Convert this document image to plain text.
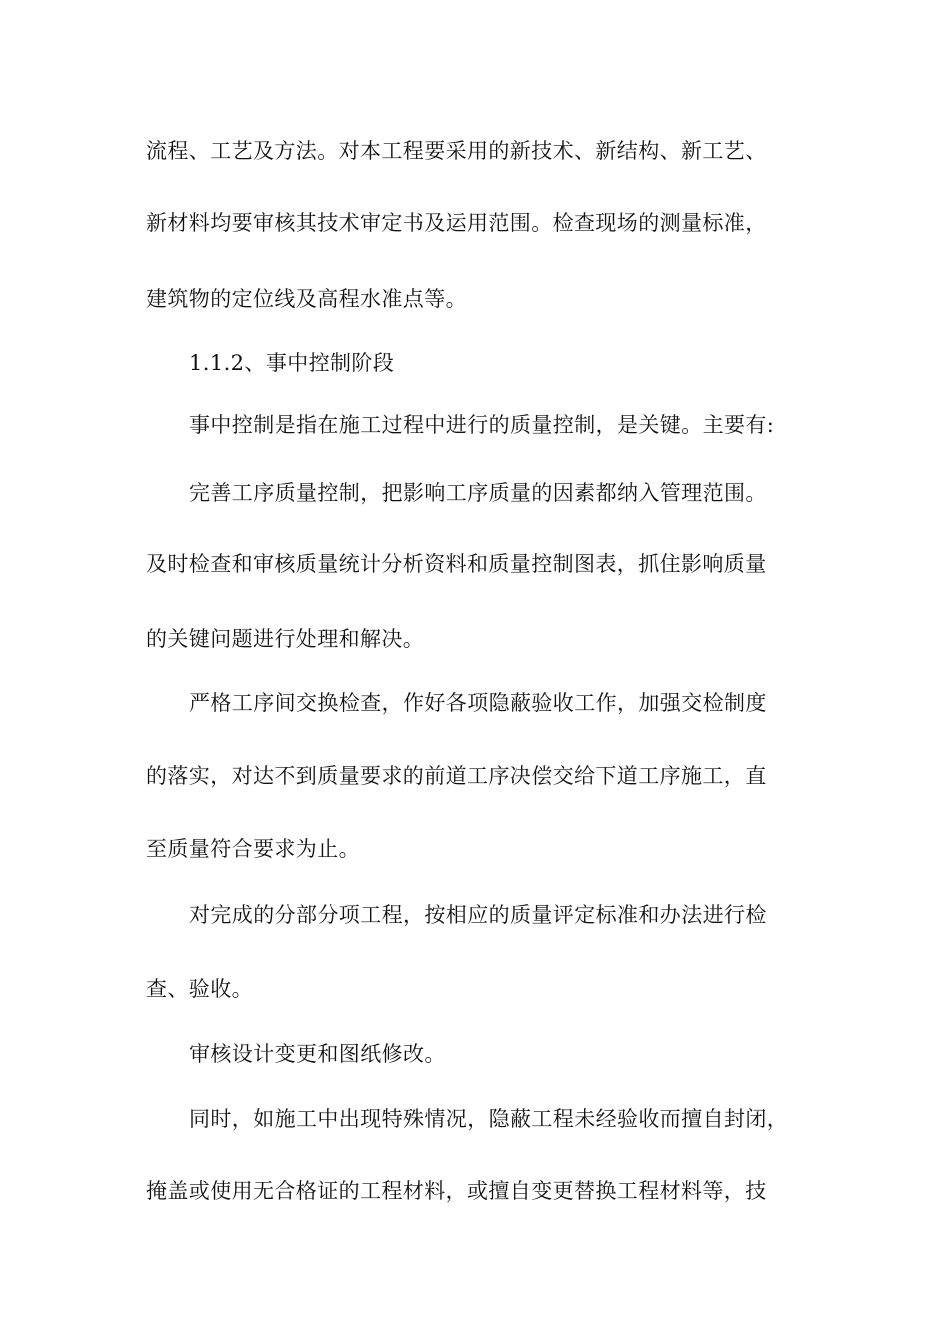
流程、工艺及方法。对本工程要采用的新技术、新结构、新工艺、
新材料均要审核其技术审定书及运用范围。检查现场的测量标准，
建筑物的定位线及高程水准点等。
1.1.2、事中控制阶段
事中控制是指在施工过程中进行的质量控制，是关键。主要有:
完善工序质量控制，把影响工序质量的因素都纳入管理范围。
及时检查和审核质量统计分析资料和质量控制图表，抓住影响质量
的关键问题进行处理和解决。
严格工序间交换检查，作好各项隐蔽验收工作，加强交检制度
的落实，对达不到质量要求的前道工序决偿交给下道工序施工，直
至质量符合要求为止。
对完成的分部分项工程，按相应的质量评定标准和办法进行检
查、验收。
审核设计变更和图纸修改。
同时，如施工中出现特殊情况，隐蔽工程未经验收而擅自封闭，
掩盖或使用无合格证的工程材料，或擅自变更替换工程材料等，技
